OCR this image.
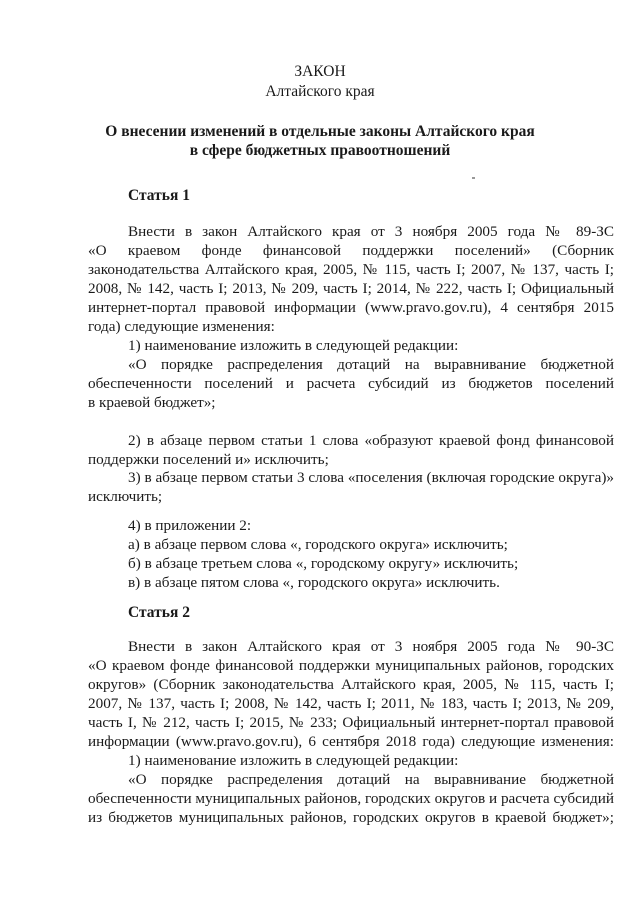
ЗАКОН
Алтайского края
О внесении изменений в отдельные законы Алтайского края
в сфере бюджетных правоотношений
Статья 1
Внести в закон Алтайского края от 3 ноября 2005 года № 89-ЗС
«О краевом фонде финансовой поддержки поселений» (Сборник
законодательства Алтайского края, 2005, № 115, часть I; 2007, № 137, часть I;
2008, № 142, часть I; 2013, № 209, часть I; 2014, № 222, часть I; Официальный
интернет-портал правовой информации (www.pravo.gov.ru), 4 сентября 2015
года) следующие изменения:
1) наименование изложить в следующей редакции:
«О порядке распределения дотаций на выравнивание бюджетной
обеспеченности поселений и расчета субсидий из бюджетов поселений
в краевой бюджет»;
2) в абзаце первом статьи 1 слова «образуют краевой фонд финансовой
поддержки поселений и» исключить;
3) в абзаце первом статьи 3 слова «поселения (включая городские округа)»
исключить;
4) в приложении 2:
а) в абзаце первом слова «, городского округа» исключить;
б) в абзаце третьем слова «, городскому округу» исключить;
в) в абзаце пятом слова «, городского округа» исключить.
Статья 2
Внести в закон Алтайского края от 3 ноября 2005 года № 90-ЗС
«О краевом фонде финансовой поддержки муниципальных районов, городских
округов» (Сборник законодательства Алтайского края, 2005, № 115, часть I;
2007, № 137, часть I; 2008, № 142, часть I; 2011, № 183, часть I; 2013, № 209,
часть I, № 212, часть I; 2015, № 233; Официальный интернет-портал правовой
информации (www.pravo.gov.ru), 6 сентября 2018 года) следующие изменения:
1) наименование изложить в следующей редакции:
«О порядке распределения дотаций на выравнивание бюджетной
обеспеченности муниципальных районов, городских округов и расчета субсидий
из бюджетов муниципальных районов, городских округов в краевой бюджет»;
